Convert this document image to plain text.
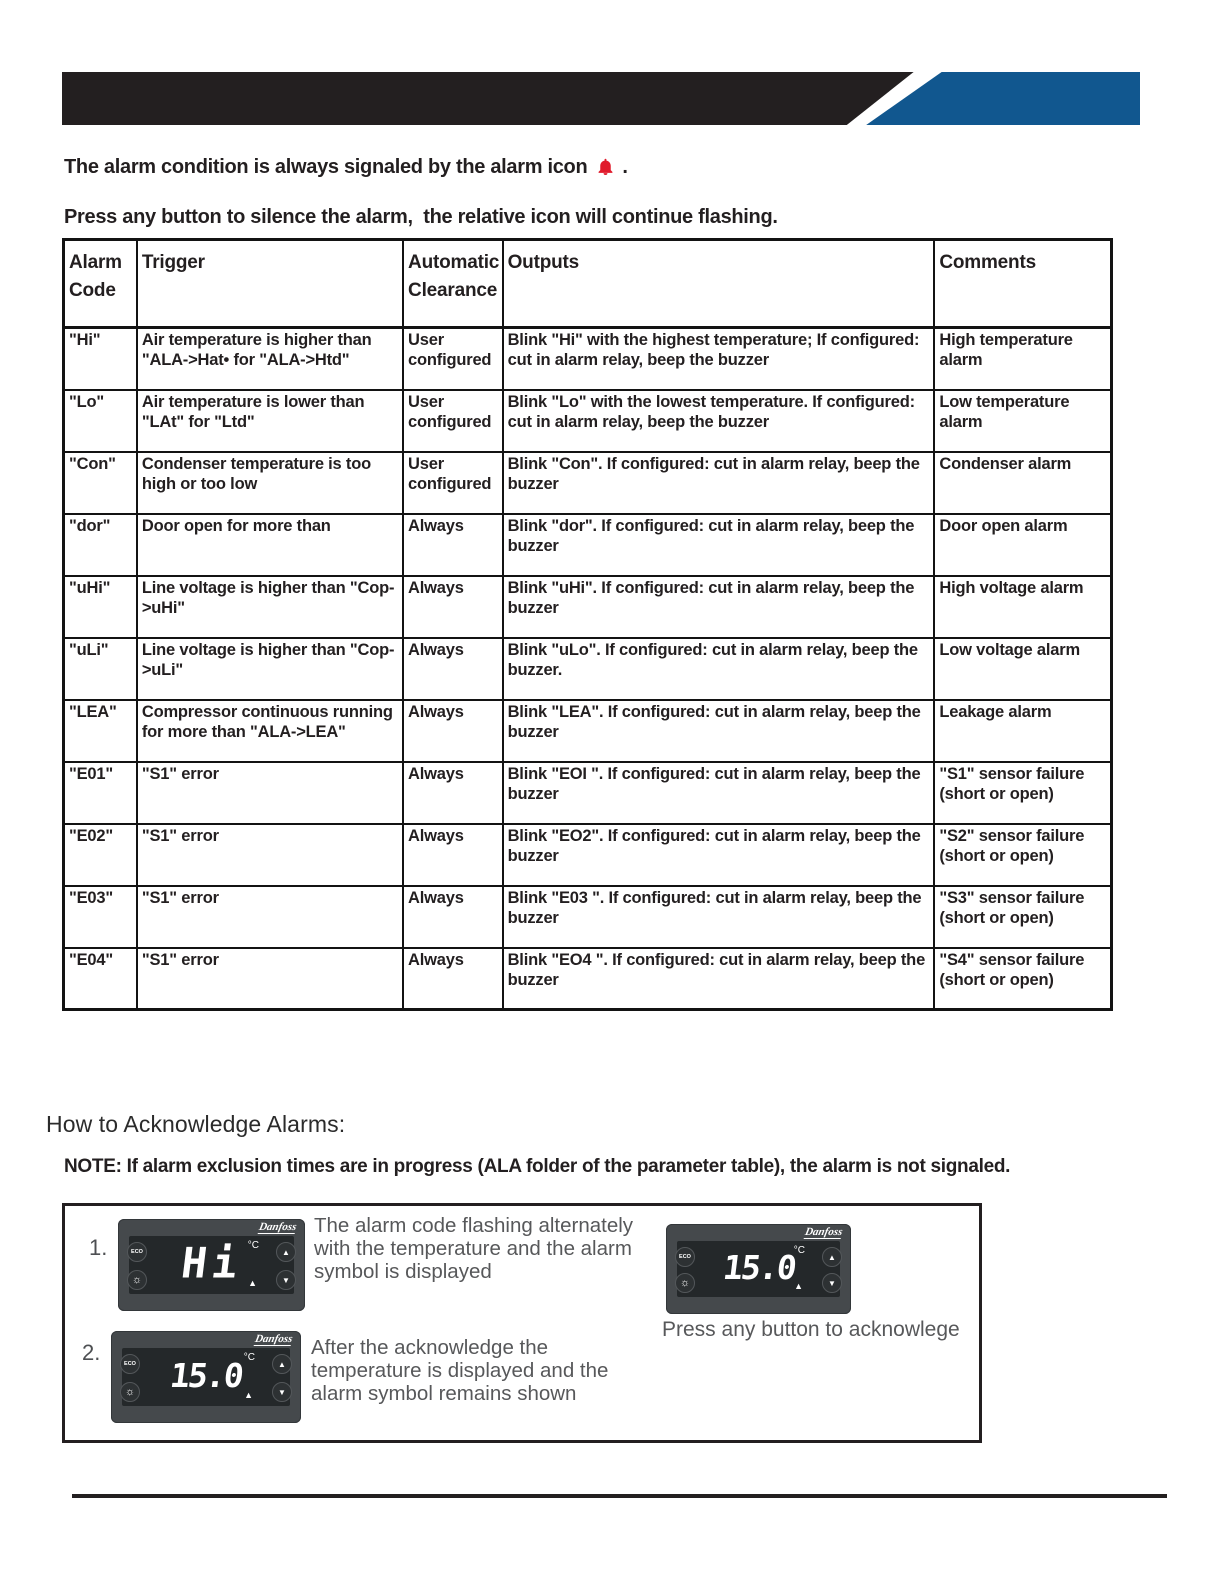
The alarm condition is always signaled by the alarm icon .
Press any button to silence the alarm,  the relative icon will continue flashing.
Alarm Code	Trigger	Automatic Clearance	Outputs	Comments
"Hi"	Air temperature is higher than "ALA->Hat• for "ALA->Htd"	User configured	Blink "Hi" with the highest temperature; If configured: cut in alarm relay, beep the buzzer	High temperature alarm
"Lo"	Air temperature is lower than "LAt" for "Ltd"	User configured	Blink "Lo" with the lowest temperature. If configured: cut in alarm relay, beep the buzzer	Low temperature alarm
"Con"	Condenser temperature is too high or too low	User configured	Blink "Con". If configured: cut in alarm relay, beep the buzzer	Condenser alarm
"dor"	Door open for more than	Always	Blink "dor". If configured: cut in alarm relay, beep the buzzer	Door open alarm
"uHi"	Line voltage is higher than "Cop->uHi"	Always	Blink "uHi". If configured: cut in alarm relay, beep the buzzer	High voltage alarm
"uLi"	Line voltage is higher than "Cop->uLi"	Always	Blink "uLo". If configured: cut in alarm relay, beep the buzzer.	Low voltage alarm
"LEA"	Compressor continuous running for more than "ALA->LEA"	Always	Blink "LEA". If configured: cut in alarm relay, beep the buzzer	Leakage alarm
"E01"	"S1" error	Always	Blink "EOI ". If configured: cut in alarm relay, beep the buzzer	"S1" sensor failure (short or open)
"E02"	"S1" error	Always	Blink "EO2". If configured: cut in alarm relay, beep the buzzer	"S2" sensor failure (short or open)
"E03"	"S1" error	Always	Blink "E03 ". If configured: cut in alarm relay, beep the buzzer	"S3" sensor failure (short or open)
"E04"	"S1" error	Always	Blink "EO4 ". If configured: cut in alarm relay, beep the buzzer	"S4" sensor failure (short or open)
How to Acknowledge Alarms:
NOTE: If alarm exclusion times are in progress (ALA folder of the parameter table), the alarm is not signaled.
1.
Danfoss
Hi °C
▲
ECO
☼
▲
▼
The alarm code flashing alternately with the temperature and the alarm symbol is displayed
Danfoss
15.0
°C
▲
ECO
☼
▲
▼
Press any button to acknowlege
2.
Danfoss
15.0 °C
▲
ECO
☼
▲
▼
After the acknowledge the temperature is displayed and the alarm symbol remains shown
